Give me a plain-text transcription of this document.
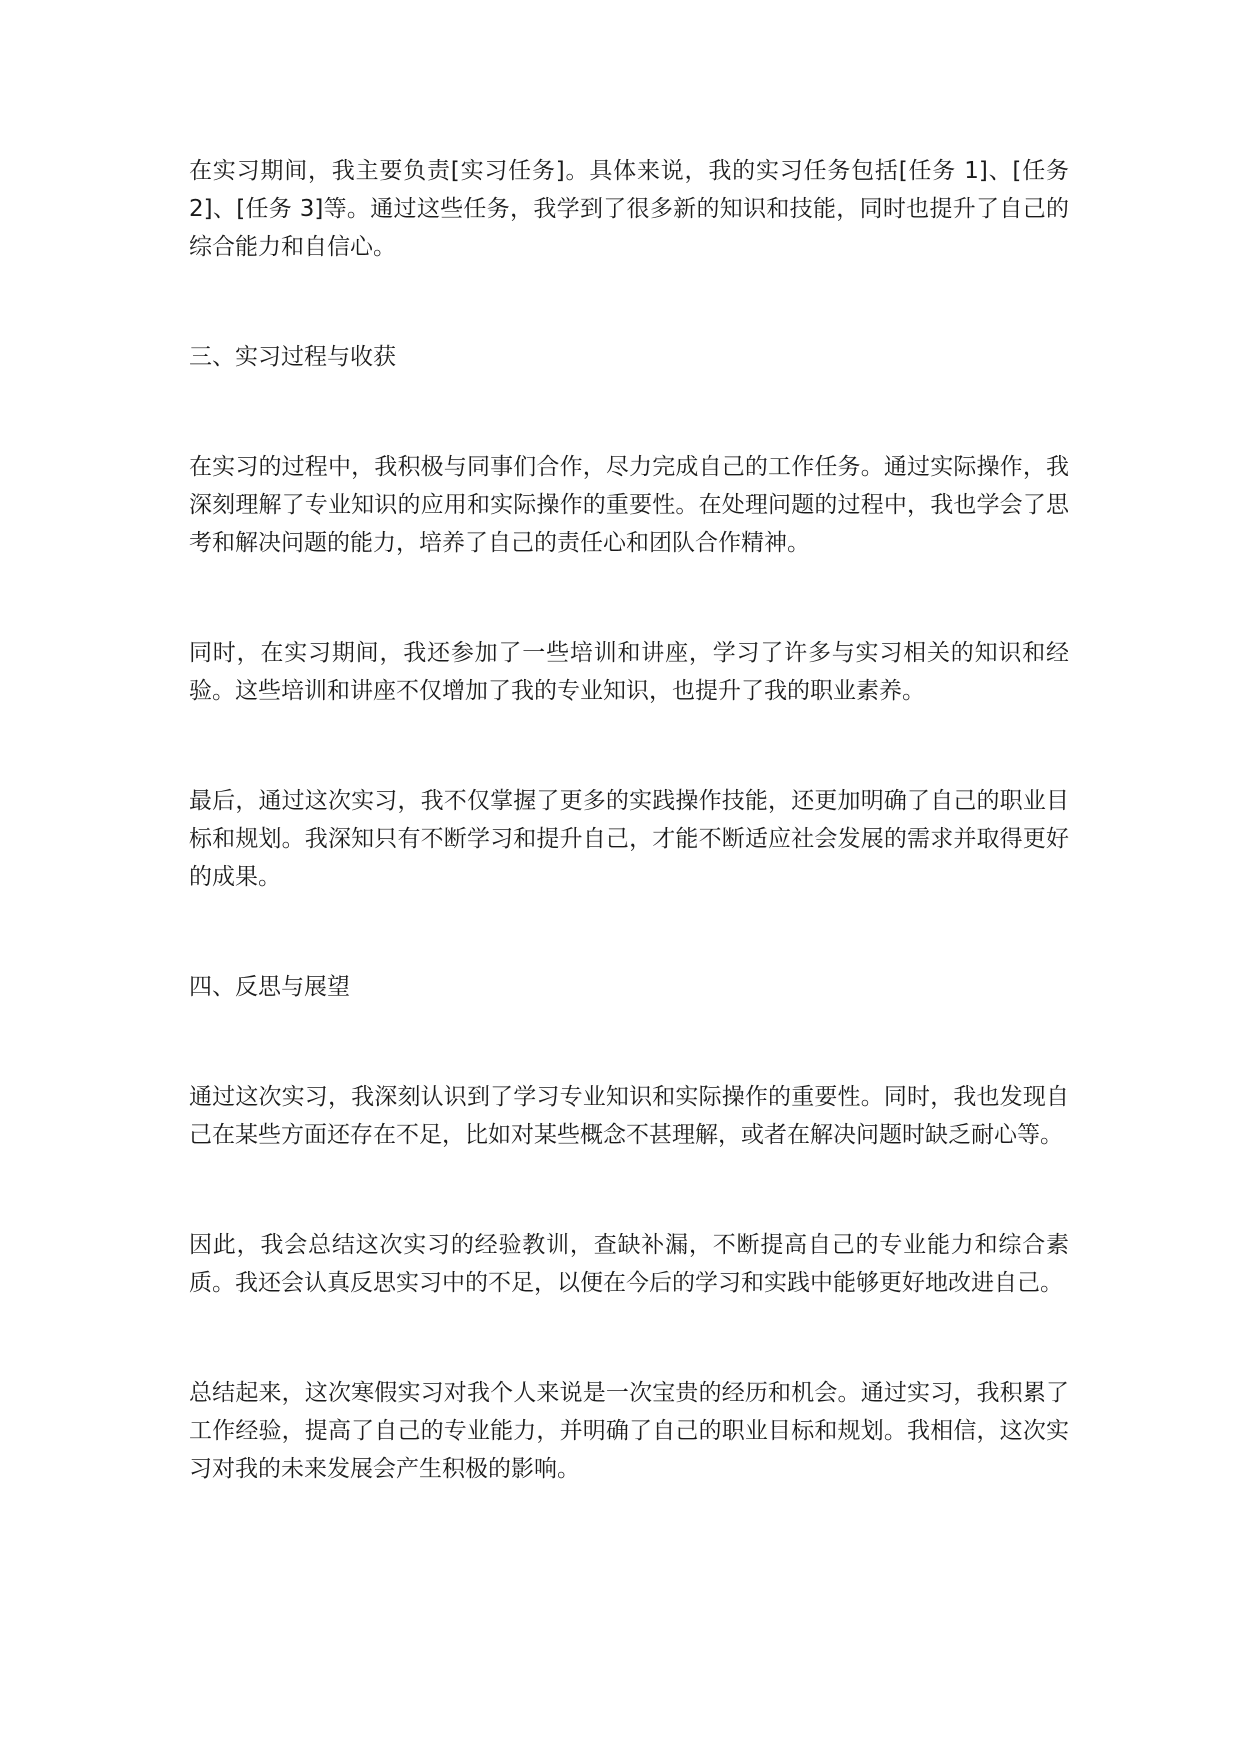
在实习期间，我主要负责[实习任务]。具体来说，我的实习任务包括[任务 1]、[任务 2]、[任务 3]等。通过这些任务，我学到了很多新的知识和技能，同时也提升了自己的综合能力和自信心。

三、实习过程与收获

在实习的过程中，我积极与同事们合作，尽力完成自己的工作任务。通过实际操作，我深刻理解了专业知识的应用和实际操作的重要性。在处理问题的过程中，我也学会了思考和解决问题的能力，培养了自己的责任心和团队合作精神。

同时，在实习期间，我还参加了一些培训和讲座，学习了许多与实习相关的知识和经验。这些培训和讲座不仅增加了我的专业知识，也提升了我的职业素养。

最后，通过这次实习，我不仅掌握了更多的实践操作技能，还更加明确了自己的职业目标和规划。我深知只有不断学习和提升自己，才能不断适应社会发展的需求并取得更好的成果。

四、反思与展望

通过这次实习，我深刻认识到了学习专业知识和实际操作的重要性。同时，我也发现自己在某些方面还存在不足，比如对某些概念不甚理解，或者在解决问题时缺乏耐心等。

因此，我会总结这次实习的经验教训，查缺补漏，不断提高自己的专业能力和综合素质。我还会认真反思实习中的不足，以便在今后的学习和实践中能够更好地改进自己。

总结起来，这次寒假实习对我个人来说是一次宝贵的经历和机会。通过实习，我积累了工作经验，提高了自己的专业能力，并明确了自己的职业目标和规划。我相信，这次实习对我的未来发展会产生积极的影响。
